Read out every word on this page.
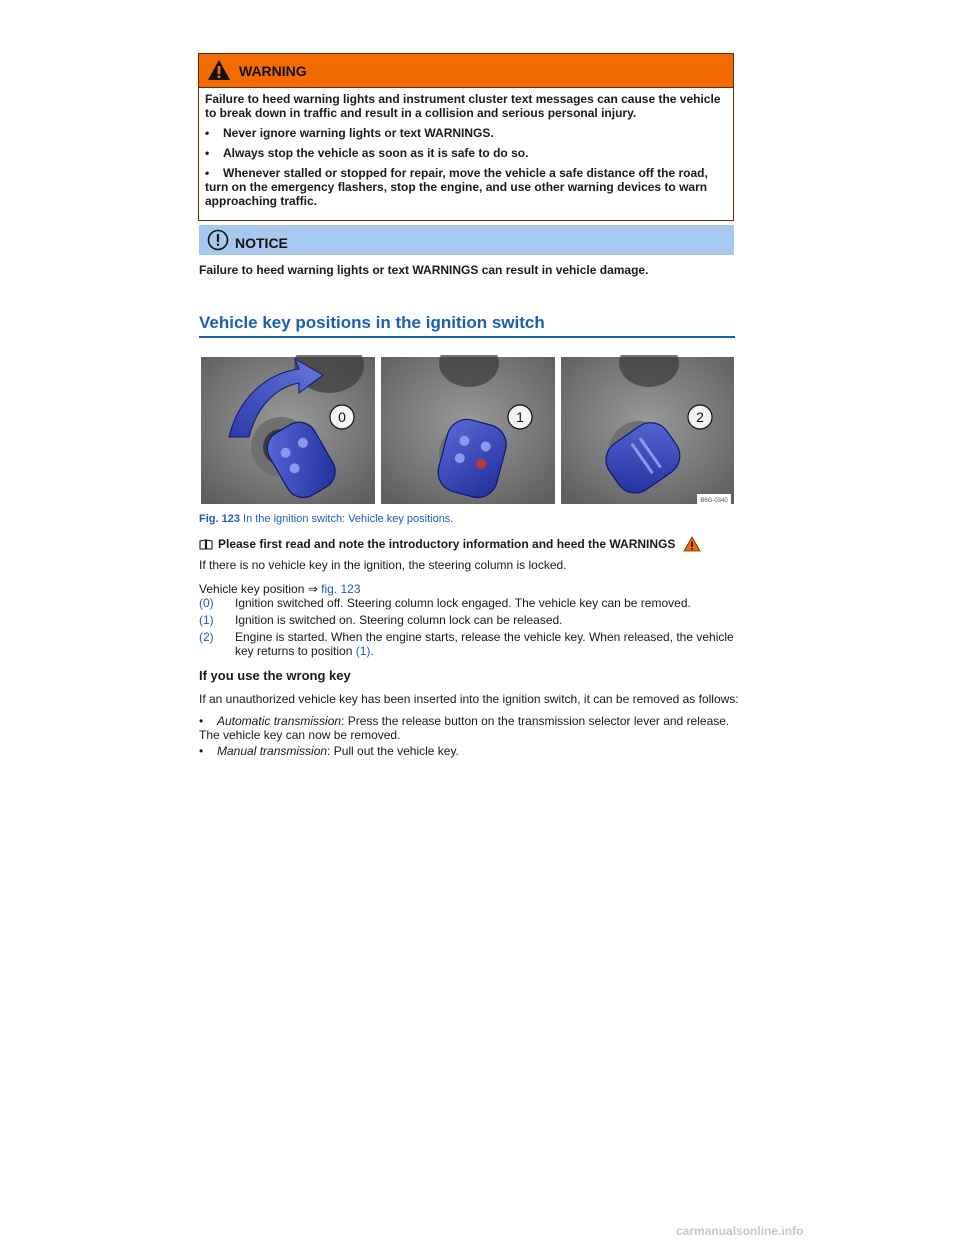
WARNING

Failure to heed warning lights and instrument cluster text messages can cause the vehicle to break down in traffic and result in a collision and serious personal injury.

•	Never ignore warning lights or text WARNINGS.
•	Always stop the vehicle as soon as it is safe to do so.
• Whenever stalled or stopped for repair, move the vehicle a safe distance off the road, turn on the emergency flashers, stop the engine, and use other warning devices to warn approaching traffic.
NOTICE
Failure to heed warning lights or text WARNINGS can result in vehicle damage.
Vehicle key positions in the ignition switch
0	1	2
B6G-0340
Fig. 123 In the ignition switch: Vehicle key positions.
Please first read and note the introductory information and heed the WARNINGS
If there is no vehicle key in the ignition, the steering column is locked.
Vehicle key position ⇒ fig. 123
(0)	Ignition switched off. Steering column lock engaged. The vehicle key can be removed.
(1)	Ignition is switched on. Steering column lock can be released.
(2)	Engine is started. When the engine starts, release the vehicle key. When released, the vehicle key returns to position (1).
If you use the wrong key
If an unauthorized vehicle key has been inserted into the ignition switch, it can be removed as follows:
• Automatic transmission: Press the release button on the transmission selector lever and release. The vehicle key can now be removed.
• Manual transmission: Pull out the vehicle key.
carmanualsonline.info
